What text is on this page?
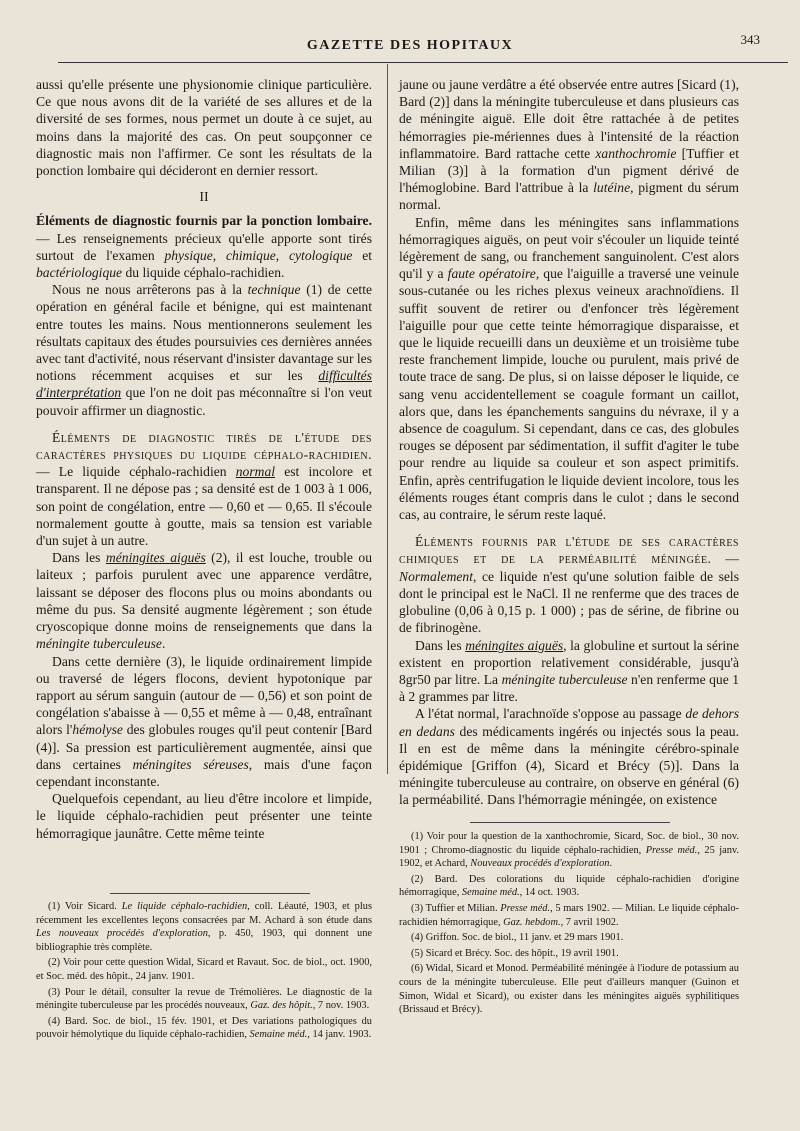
GAZETTE DES HOPITAUX	343

aussi qu'elle présente une physionomie clinique particulière. Ce que nous avons dit de la variété de ses allures et de la diversité de ses formes, nous permet un doute à ce sujet, au moins dans la majorité des cas. On peut soupçonner ce diagnostic mais non l'affirmer. Ce sont les résultats de la ponction lombaire qui décideront en dernier ressort.

II

Éléments de diagnostic fournis par la ponction lombaire. — Les renseignements précieux qu'elle apporte sont tirés surtout de l'examen physique, chimique, cytologique et bactériologique du liquide céphalo-rachidien.

Nous ne nous arrêterons pas à la technique (1) de cette opération en général facile et bénigne, qui est maintenant entre toutes les mains. Nous mentionnerons seulement les résultats capitaux des études poursuivies ces dernières années avec tant d'activité, nous réservant d'insister davantage sur les notions récemment acquises et sur les difficultés d'interprétation que l'on ne doit pas méconnaître si l'on veut pouvoir affirmer un diagnostic.

Éléments de diagnostic tirés de l'étude des caractères physiques du liquide céphalo-rachidien. — Le liquide céphalo-rachidien normal est incolore et transparent. Il ne dépose pas ; sa densité est de 1 003 à 1 006, son point de congélation, entre — 0,60 et — 0,65. Il s'écoule normalement goutte à goutte, mais sa tension est variable d'un sujet à un autre.

Dans les méningites aiguës (2), il est louche, trouble ou laiteux ; parfois purulent avec une apparence verdâtre, laissant se déposer des flocons plus ou moins abondants ou même du pus. Sa densité augmente légèrement ; son étude cryoscopique donne moins de renseignements que dans la méningite tuberculeuse.

Dans cette dernière (3), le liquide ordinairement limpide ou traversé de légers flocons, devient hypotonique par rapport au sérum sanguin (autour de — 0,56) et son point de congélation s'abaisse à — 0,55 et même à — 0,48, entraînant alors l'hémolyse des globules rouges qu'il peut contenir [Bard (4)]. Sa pression est particulièrement augmentée, ainsi que dans certaines méningites séreuses, mais d'une façon cependant inconstante.

Quelquefois cependant, au lieu d'être incolore et limpide, le liquide céphalo-rachidien peut présenter une teinte hémorragique jaunâtre. Cette même teinte

jaune ou jaune verdâtre a été observée entre autres [Sicard (1), Bard (2)] dans la méningite tuberculeuse et dans plusieurs cas de méningite aiguë. Elle doit être rattachée à de petites hémorragies pie-mériennes dues à l'intensité de la réaction inflammatoire. Bard rattache cette xanthochromie [Tuffier et Milian (3)] à la formation d'un pigment dérivé de l'hémoglobine. Bard l'attribue à la lutéine, pigment du sérum normal.

Enfin, même dans les méningites sans inflammations hémorragiques aiguës, on peut voir s'écouler un liquide teinté légèrement de sang, ou franchement sanguinolent. C'est alors qu'il y a faute opératoire, que l'aiguille a traversé une veinule sous-cutanée ou les riches plexus veineux arachnoïdiens. Il suffit souvent de retirer ou d'enfoncer très légèrement l'aiguille pour que cette teinte hémorragique disparaisse, et que le liquide recueilli dans un deuxième et un troisième tube reste franchement limpide, louche ou purulent, mais privé de toute trace de sang. De plus, si on laisse déposer le liquide, ce sang venu accidentellement se coagule formant un caillot, alors que, dans les épanchements sanguins du névraxe, il y a absence de coagulum. Si cependant, dans ce cas, des globules rouges se déposent par sédimentation, il suffit d'agiter le tube pour rendre au liquide sa couleur et son aspect primitifs. Enfin, après centrifugation le liquide devient incolore, tous les éléments rouges étant compris dans le culot ; dans le second cas, au contraire, le sérum reste laqué.

Éléments fournis par l'étude de ses caractères chimiques et de la perméabilité méningée. — Normalement, ce liquide n'est qu'une solution faible de sels dont le principal est le NaCl. Il ne renferme que des traces de globuline (0,06 à 0,15 p. 1 000) ; pas de sérine, de fibrine ou de fibrinogène.

Dans les méningites aiguës, la globuline et surtout la sérine existent en proportion relativement considérable, jusqu'à 8gr50 par litre. La méningite tuberculeuse n'en renferme que 1 à 2 grammes par litre.

A l'état normal, l'arachnoïde s'oppose au passage de dehors en dedans des médicaments ingérés ou injectés sous la peau. Il en est de même dans la méningite cérébro-spinale épidémique [Griffon (4), Sicard et Brécy (5)]. Dans la méningite tuberculeuse au contraire, on observe en général (6) la perméabilité. Dans l'hémorragie méningée, on existence

(1) Voir Sicard. Le liquide céphalo-rachidien, coll. Léauté, 1903, et plus récemment les excellentes leçons consacrées par M. Achard à son étude dans Les nouveaux procédés d'exploration, p. 450, 1903, qui donnent une bibliographie très complète.

(2) Voir pour cette question Widal, Sicard et Ravaut. Soc. de biol., oct. 1900, et Soc. méd. des hôpit., 24 janv. 1901.

(3) Pour le détail, consulter la revue de Trémolières. Le diagnostic de la méningite tuberculeuse par les procédés nouveaux, Gaz. des hôpit., 7 nov. 1903.

(4) Bard. Soc. de biol., 15 fév. 1901, et Des variations pathologiques du pouvoir hémolytique du liquide céphalo-rachidien, Semaine méd., 14 janv. 1903.

(1) Voir pour la question de la xanthochromie, Sicard, Soc. de biol., 30 nov. 1901 ; Chromo-diagnostic du liquide céphalo-rachidien, Presse méd., 25 janv. 1902, et Achard, Nouveaux procédés d'exploration.

(2) Bard. Des colorations du liquide céphalo-rachidien d'origine hémorragique, Semaine méd., 14 oct. 1903.

(3) Tuffier et Milian. Presse méd., 5 mars 1902. — Milian. Le liquide céphalo-rachidien hémorragique, Gaz. hebdom., 7 avril 1902.

(4) Griffon. Soc. de biol., 11 janv. et 29 mars 1901.

(5) Sicard et Brécy. Soc. des hôpit., 19 avril 1901.

(6) Widal, Sicard et Monod. Perméabilité méningée à l'iodure de potassium au cours de la méningite tuberculeuse. Elle peut d'ailleurs manquer (Guinon et Simon, Widal et Sicard), ou exister dans les méningites aiguës syphilitiques (Brissaud et Brécy).
